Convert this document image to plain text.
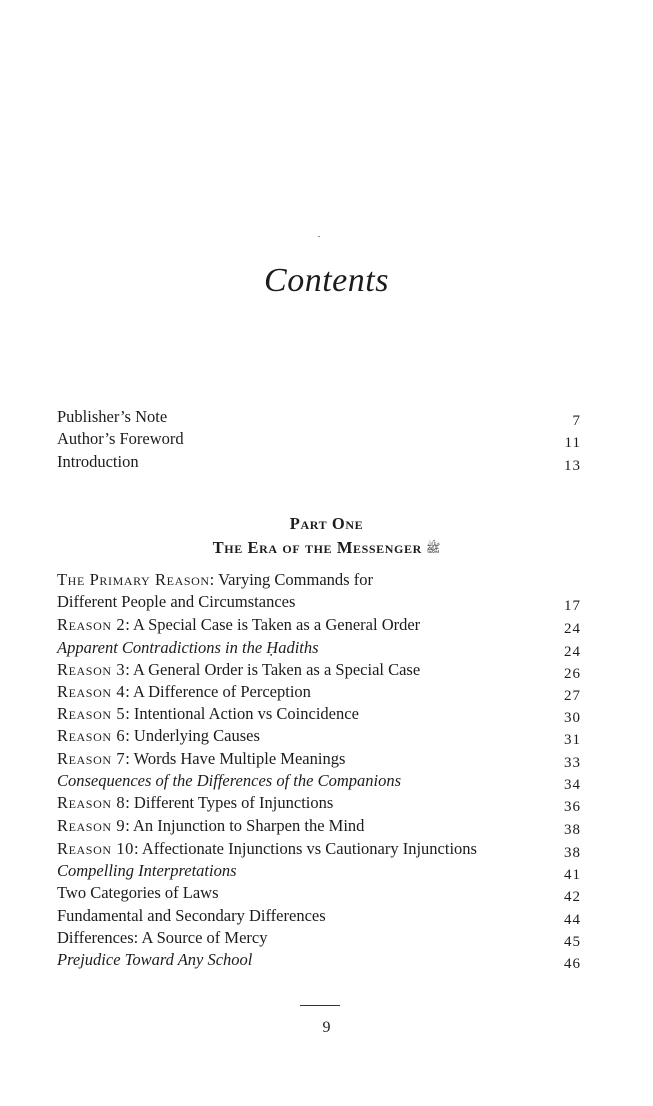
Contents
Publisher’s Note	7
Author’s Foreword	11
Introduction	13
Part One
The Era of the Messenger ﷺ
The Primary Reason: Varying Commands for
Different People and Circumstances	17
Reason 2: A Special Case is Taken as a General Order	24
Apparent Contradictions in the Ḥadiths	24
Reason 3: A General Order is Taken as a Special Case	26
Reason 4: A Difference of Perception	27
Reason 5: Intentional Action vs Coincidence	30
Reason 6: Underlying Causes	31
Reason 7: Words Have Multiple Meanings	33
Consequences of the Differences of the Companions	34
Reason 8: Different Types of Injunctions	36
Reason 9: An Injunction to Sharpen the Mind	38
Reason 10: Affectionate Injunctions vs Cautionary Injunctions	38
Compelling Interpretations	41
Two Categories of Laws	42
Fundamental and Secondary Differences	44
Differences: A Source of Mercy	45
Prejudice Toward Any School	46
9
